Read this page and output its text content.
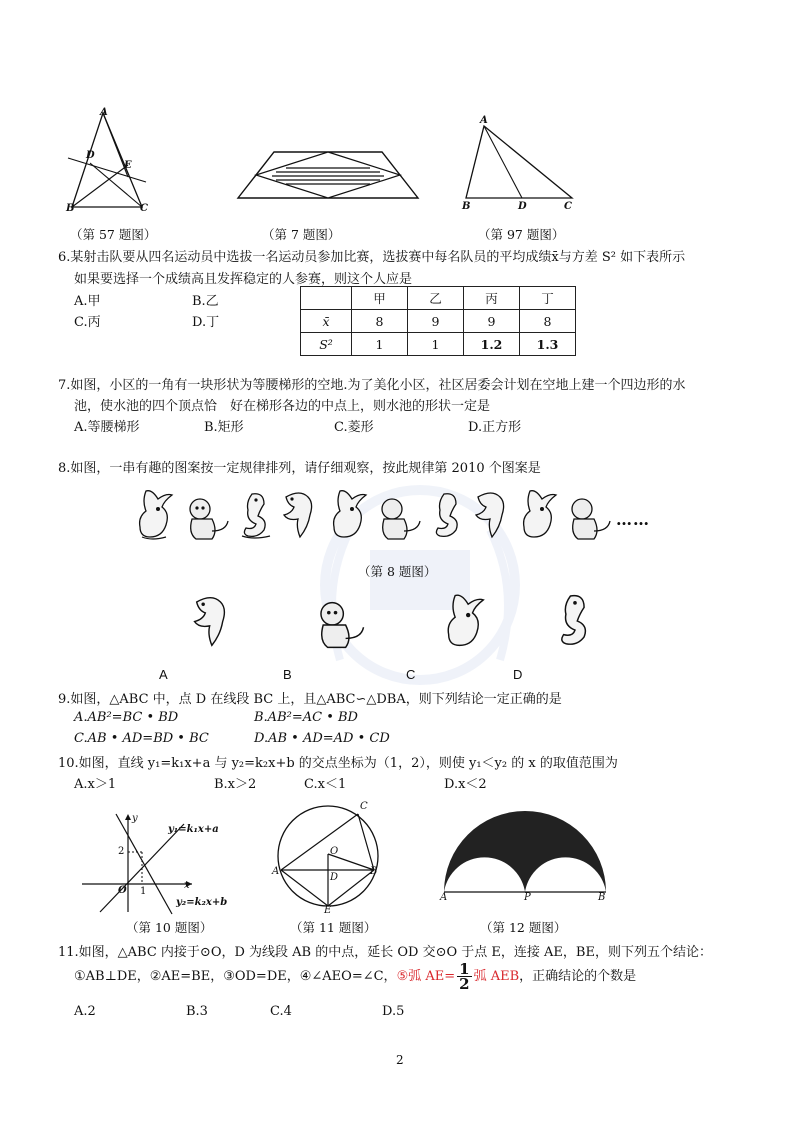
A
D
E
B	C
（第 57 题图）	（第 7 题图）
A
B	D	C
（第 97 题图）
6.某射击队要从四名运动员中选拔一名运动员参加比赛，选拔赛中每名队员的平均成绩x̄与方差 S² 如下表所示
如果要选择一个成绩高且发挥稳定的人参赛，则这个人应是
A.甲	B.乙
C.丙	D.丁
	甲	乙	丙	丁
x̄	8	9	9	8
S²	1	1	1.2	1.3
7.如图，小区的一角有一块形状为等腰梯形的空地.为了美化小区，社区居委会计划在空地上建一个四边形的水
池，使水池的四个顶点恰　好在梯形各边的中点上，则水池的形状一定是
A.等腰梯形	B.矩形	C.菱形	D.正方形
8.如图，一串有趣的图案按一定规律排列，请仔细观察，按此规律第 2010 个图案是
……
（第 8 题图）
A	B	C	D
9.如图，△ABC 中，点 D 在线段 BC 上，且△ABC∽△DBA，则下列结论一定正确的是
A.AB²=BC • BD	B.AB²=AC • BD
C.AB • AD=BD • BC	D.AB • AD=AD • CD
10.如图，直线 y₁=k₁x+a 与 y₂=k₂x+b 的交点坐标为（1，2），则使 y₁＜y₂ 的 x 的取值范围为
A.x＞1	B.x＞2	C.x＜1	D.x＜2
y
y₁=k₁x+a
2
O 1
x
y₂=k₂x+b
（第 10 题图）
C
O
A
D
B
E
（第 11 题图）
A	P	B
（第 12 题图）
11.如图，△ABC 内接于⊙O，D 为线段 AB 的中点，延长 OD 交⊙O 于点 E，连接 AE，BE，则下列五个结论：
①AB⊥DE，②AE=BE，③OD=DE，④∠AEO=∠C，⑤弧 $AE= \frac{1}{2}$ 弧 AEB，正确结论的个数是
A.2	B.3	C.4	D.5
2
